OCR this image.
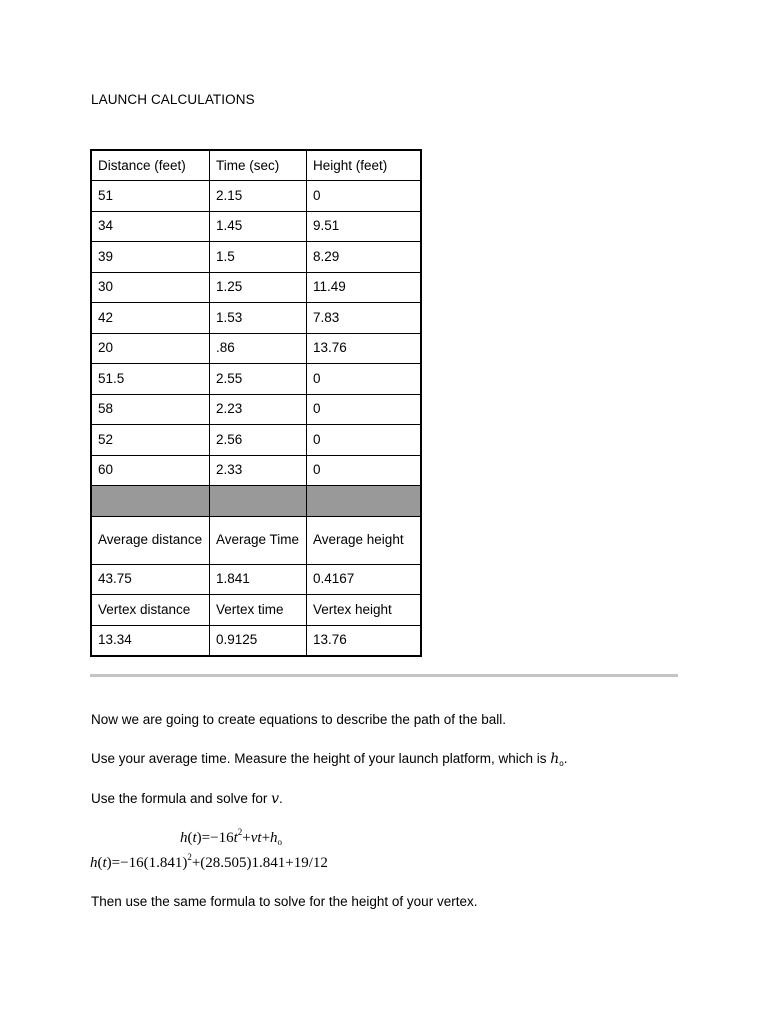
LAUNCH CALCULATIONS
Distance (feet)	Time (sec)	Height (feet)
51	2.15	0
34	1.45	9.51
39	1.5	8.29
30	1.25	11.49
42	1.53	7.83
20	.86	13.76
51.5	2.55	0
58	2.23	0
52	2.56	0
60	2.33	0

Average distance	Average Time	Average height
43.75	1.841	0.4167
Vertex distance	Vertex time	Vertex height
13.34	0.9125	13.76

Now we are going to create equations to describe the path of the ball.

Use your average time. Measure the height of your launch platform, which is $h_o$.

Use the formula and solve for v.

$h(t)=-16t^2+vt+h_o$
$h(t)=-16(1.841)^2+(28.505)1.841+19/12$

Then use the same formula to solve for the height of your vertex.
